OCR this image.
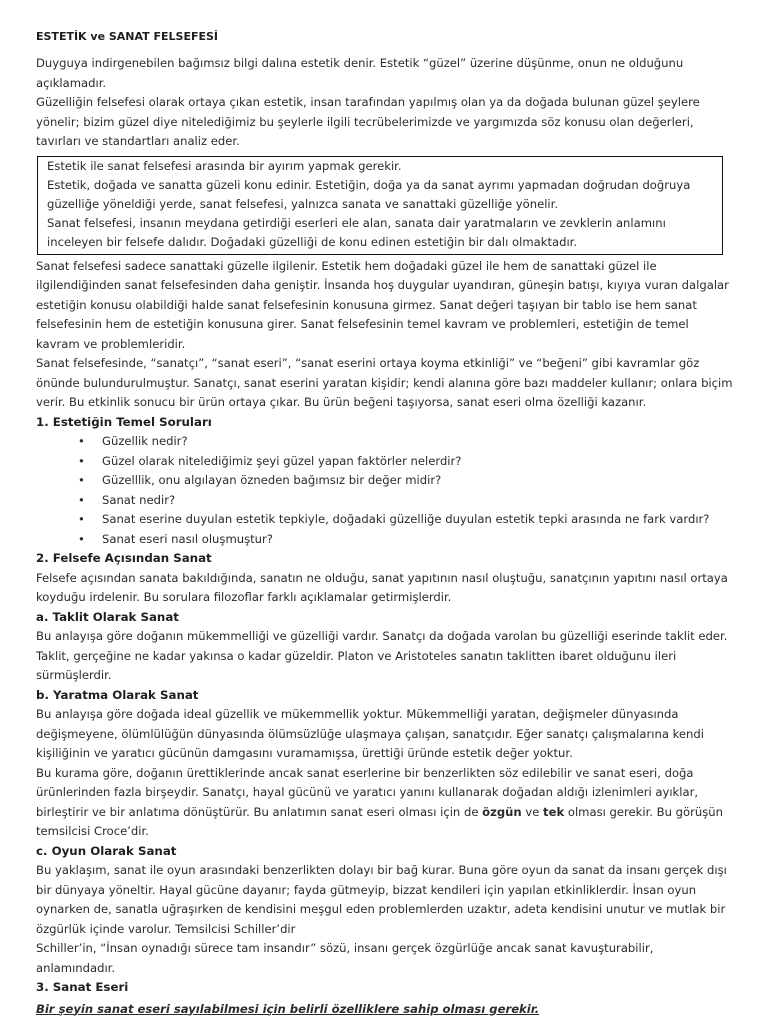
ESTETİK ve SANAT FELSEFESİ

Duyguya indirgenebilen bağımsız bilgi dalına estetik denir. Estetik “güzel” üzerine düşünme, onun ne olduğunu açıklamadır.

Güzelliğin felsefesi olarak ortaya çıkan estetik, insan tarafından yapılmış olan ya da doğada bulunan güzel şeylere yönelir; bizim güzel diye nitelediğimiz bu şeylerle ilgili tecrübelerimizde ve yargımızda söz konusu olan değerleri, tavırları ve standartları analiz eder.

Estetik ile sanat felsefesi arasında bir ayırım yapmak gerekir.

Estetik, doğada ve sanatta güzeli konu edinir. Estetiğin, doğa ya da sanat ayrımı yapmadan doğrudan doğruya güzelliğe yöneldiği yerde, sanat felsefesi, yalnızca sanata ve sanattaki güzelliğe yönelir.

Sanat felsefesi, insanın meydana getirdiği eserleri ele alan, sanata dair yaratmaların ve zevklerin anlamını inceleyen bir felsefe dalıdır. Doğadaki güzelliği de konu edinen estetiğin bir dalı olmaktadır.

Sanat felsefesi sadece sanattaki güzelle ilgilenir. Estetik hem doğadaki güzel ile hem de sanattaki güzel ile ilgilendiğinden sanat felsefesinden daha geniştir. İnsanda hoş duygular uyandıran, güneşin batışı, kıyıya vuran dalgalar estetiğin konusu olabildiği halde sanat felsefesinin konusuna girmez. Sanat değeri taşıyan bir tablo ise hem sanat felsefesinin hem de estetiğin konusuna girer. Sanat felsefesinin temel kavram ve problemleri, estetiğin de temel kavram ve problemleridir.

Sanat felsefesinde, “sanatçı”, “sanat eseri”, “sanat eserini ortaya koyma etkinliği” ve “beğeni” gibi kavramlar göz önünde bulundurulmuştur. Sanatçı, sanat eserini yaratan kişidir; kendi alanına göre bazı maddeler kullanır; onlara biçim verir. Bu etkinlik sonucu bir ürün ortaya çıkar. Bu ürün beğeni taşıyorsa, sanat eseri olma özelliği kazanır.

1. Estetiğin Temel Soruları
• Güzellik nedir?
• Güzel olarak nitelediğimiz şeyi güzel yapan faktörler nelerdir?
• Güzelllik, onu algılayan özneden bağımsız bir değer midir?
• Sanat nedir?
• Sanat eserine duyulan estetik tepkiyle, doğadaki güzelliğe duyulan estetik tepki arasında ne fark vardır?
• Sanat eseri nasıl oluşmuştur?
2. Felsefe Açısından Sanat

Felsefe açısından sanata bakıldığında, sanatın ne olduğu, sanat yapıtının nasıl oluştuğu, sanatçının yapıtını nasıl ortaya koyduğu irdelenir. Bu sorulara filozoflar farklı açıklamalar getirmişlerdir.

a. Taklit Olarak Sanat

Bu anlayışa göre doğanın mükemmelliği ve güzelliği vardır. Sanatçı da doğada varolan bu güzelliği eserinde taklit eder. Taklit, gerçeğine ne kadar yakınsa o kadar güzeldir. Platon ve Aristoteles sanatın taklitten ibaret olduğunu ileri sürmüşlerdir.

b. Yaratma Olarak Sanat

Bu anlayışa göre doğada ideal güzellik ve mükemmellik yoktur. Mükemmelliği yaratan, değişmeler dünyasında değişmeyene, ölümlülüğün dünyasında ölümsüzlüğe ulaşmaya çalışan, sanatçıdır. Eğer sanatçı çalışmalarına kendi kişiliğinin ve yaratıcı gücünün damgasını vuramamışsa, ürettiği üründe estetik değer yoktur.

Bu kurama göre, doğanın ürettiklerinde ancak sanat eserlerine bir benzerlikten söz edilebilir ve sanat eseri, doğa ürünlerinden fazla birşeydir. Sanatçı, hayal gücünü ve yaratıcı yanını kullanarak doğadan aldığı izlenimleri ayıklar, birleştirir ve bir anlatıma dönüştürür. Bu anlatımın sanat eseri olması için de özgün ve tek olması gerekir. Bu görüşün temsilcisi Croce’dir.

c. Oyun Olarak Sanat

Bu yaklaşım, sanat ile oyun arasındaki benzerlikten dolayı bir bağ kurar. Buna göre oyun da sanat da insanı gerçek dışı bir dünyaya yöneltir. Hayal gücüne dayanır; fayda gütmeyip, bizzat kendileri için yapılan etkinliklerdir. İnsan oyun oynarken de, sanatla uğraşırken de kendisini meşgul eden problemlerden uzaktır, adeta kendisini unutur ve mutlak bir özgürlük içinde varolur. Temsilcisi Schiller’dir

Schiller’in, “İnsan oynadığı sürece tam insandır” sözü, insanı gerçek özgürlüğe ancak sanat kavuşturabilir, anlamındadır.

3. Sanat Eseri

Bir şeyin sanat eseri sayılabilmesi için belirli özelliklere sahip olması gerekir.
